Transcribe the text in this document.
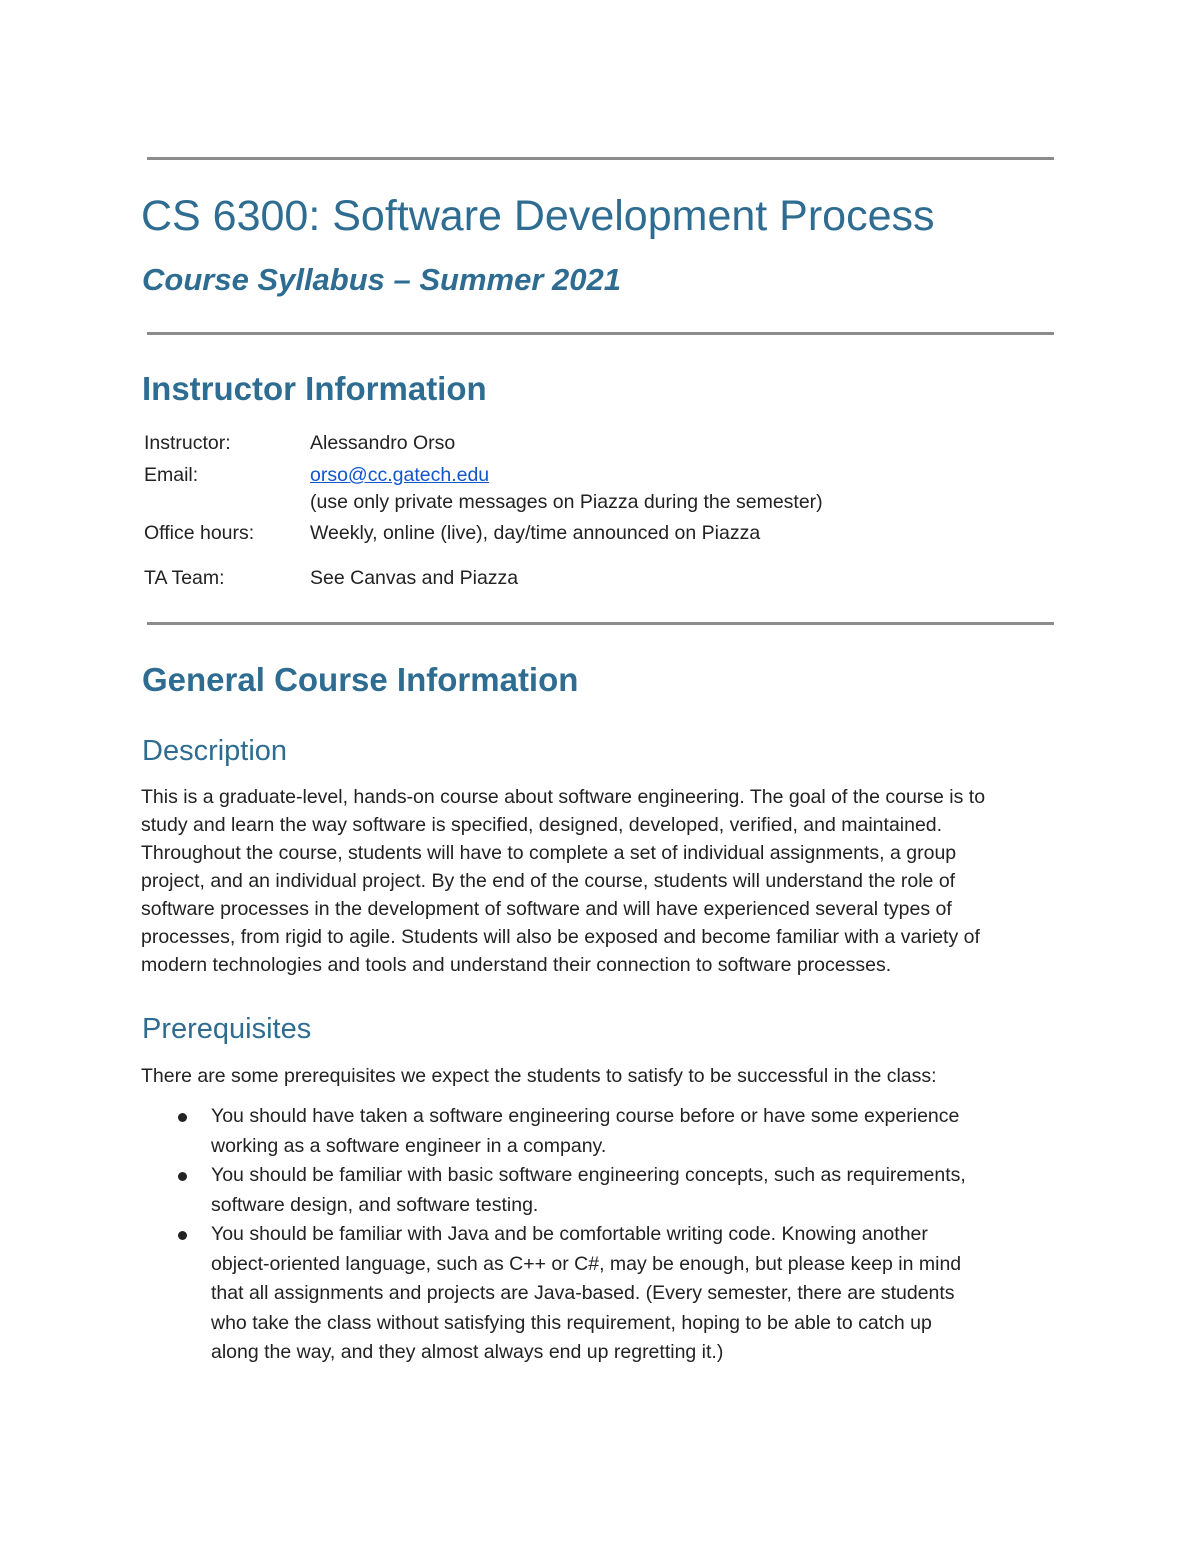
CS 6300: Software Development Process
Course Syllabus – Summer 2021
Instructor Information
Instructor:	Alessandro Orso
Email:	orso@cc.gatech.edu
(use only private messages on Piazza during the semester)
Office hours:	Weekly, online (live), day/time announced on Piazza
TA Team:	See Canvas and Piazza
General Course Information
Description
This is a graduate-level, hands-on course about software engineering. The goal of the course is to
study and learn the way software is specified, designed, developed, verified, and maintained.
Throughout the course, students will have to complete a set of individual assignments, a group
project, and an individual project. By the end of the course, students will understand the role of
software processes in the development of software and will have experienced several types of
processes, from rigid to agile. Students will also be exposed and become familiar with a variety of
modern technologies and tools and understand their connection to software processes.
Prerequisites
There are some prerequisites we expect the students to satisfy to be successful in the class:
You should have taken a software engineering course before or have some experience
working as a software engineer in a company.
You should be familiar with basic software engineering concepts, such as requirements,
software design, and software testing.
You should be familiar with Java and be comfortable writing code. Knowing another
object-oriented language, such as C++ or C#, may be enough, but please keep in mind
that all assignments and projects are Java-based. (Every semester, there are students
who take the class without satisfying this requirement, hoping to be able to catch up
along the way, and they almost always end up regretting it.)
